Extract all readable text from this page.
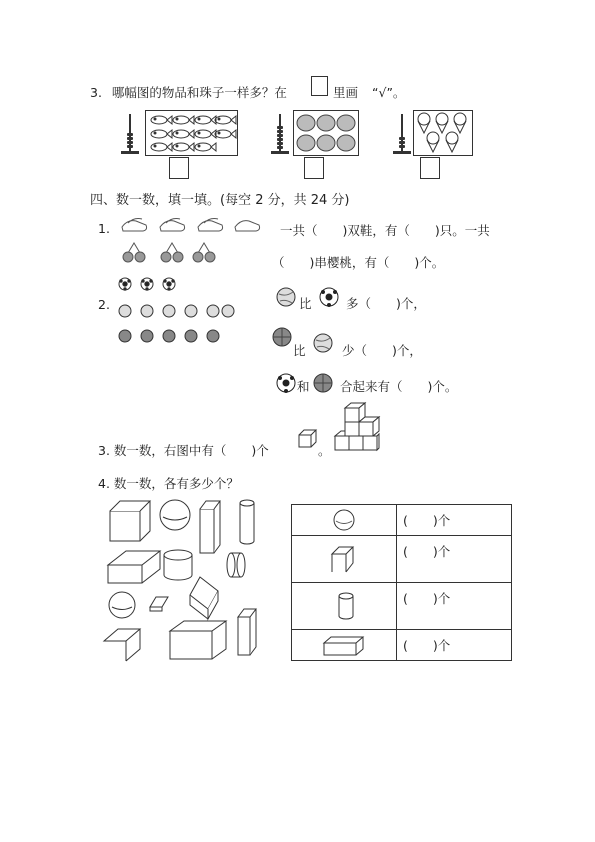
3. 哪幅图的物品和珠子一样多？在	里画 “√”。
四、数一数，填一填。(每空 2 分，共 24 分)
1.	一共（　　)双鞋，有（　　)只。一共
（　　)串樱桃，有（　　)个。
2.	比	多（　　)个，
比	少（　　)个，
和 合起来有（　　)个。
3. 数一数，右图中有（　　)个	。
4. 数一数，各有多少个？
	(　　)个

	(　　)个

	(　　)个

	(　　)个
